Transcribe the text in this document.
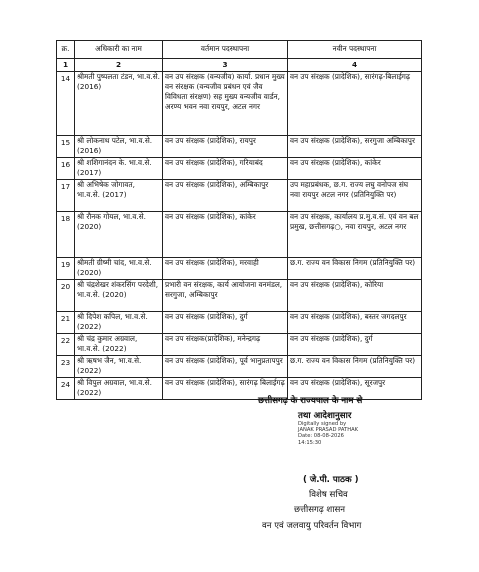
क्र.	अधिकारी का नाम	वर्तमान पदस्थापना	नवीन पदस्थापना
1	2	3	4
14	श्रीमती पुष्पलता टंडन, भा.व.से. (2016)	वन उप संरक्षक (वन्यजीव) कार्या. प्रधान मुख्य वन संरक्षक (वन्यजीव प्रबंधन एवं जैव विविधता संरक्षण) सह मुख्य वन्यजीव वार्डन, अरण्य भवन नवा रायपुर, अटल नगर	वन उप संरक्षक (प्रादेशिक), सारंगढ़-बिलाईगढ़
15	श्री लोकनाथ पटेल, भा.व.से. (2016)	वन उप संरक्षक (प्रादेशिक), रायपुर	वन उप संरक्षक (प्रादेशिक), सरगुजा अम्बिकापुर
16	श्री शशिगानंदन के. भा.व.से. (2017)	वन उप संरक्षक (प्रादेशिक), गरियाबंद	वन उप संरक्षक (प्रादेशिक), कांकेर
17	श्री अभिषेक जोगावत, भा.व.से. (2017)	वन उप संरक्षक (प्रादेशिक), अम्बिकापुर	उप महाप्रबंधक, छ.ग. राज्य लघु वनोपज संघ नवा रायपुर अटल नगर (प्रतिनियुक्ति पर)
18	श्री रौनक गोयल, भा.व.से. (2020)	वन उप संरक्षक (प्रादेशिक), कांकेर	वन उप संरक्षक, कार्यालय प्र.मु.व.सं. एवं वन बल प्रमुख, छत्तीसगढ़○, नवा रायपुर, अटल नगर
19	श्रीमती ग्रीष्मी चांद, भा.व.से. (2020)	वन उप संरक्षक (प्रादेशिक), मरवाही	छ.ग. राज्य वन विकास निगम (प्रतिनियुक्ति पर)
20	श्री चंद्रशेखर शंकरसिंग परदेशी, भा.व.से. (2020)	प्रभारी वन संरक्षक, कार्य आयोजना वनमंडल, सरगुजा, अम्बिकापुर	वन उप संरक्षक (प्रादेशिक), कोरिया
21	श्री दिपेश कपिल, भा.व.से. (2022)	वन उप संरक्षक (प्रादेशिक), दुर्ग	वन उप संरक्षक (प्रादेशिक), बस्तर जगदलपुर
22	श्री चंद्र कुमार अग्रवाल, भा.व.से. (2022)	वन उप संरक्षक(प्रादेशिक), मनेन्द्रगढ़	वन उप संरक्षक (प्रादेशिक), दुर्ग
23	श्री ऋषभ जैन, भा.व.से. (2022)	वन उप संरक्षक (प्रादेशिक), पूर्व भानुप्रतापपुर	छ.ग. राज्य वन विकास निगम (प्रतिनियुक्ति पर)
24	श्री विपुल अग्रवाल, भा.व.से. (2022)	वन उप संरक्षक (प्रादेशिक), सारंगढ़ बिलाईगढ़	वन उप संरक्षक (प्रादेशिक), सूरजपुर
छत्तीसगढ़ के राज्यपाल के नाम से
तथा आदेशानुसार
Digitally signed by
JANAK PRASAD PATHAK
Date: 08-08-2026
14:15:30
( जे.पी. पाठक )
विशेष सचिव
छत्तीसगढ़ शासन
वन एवं जलवायु परिवर्तन विभाग
